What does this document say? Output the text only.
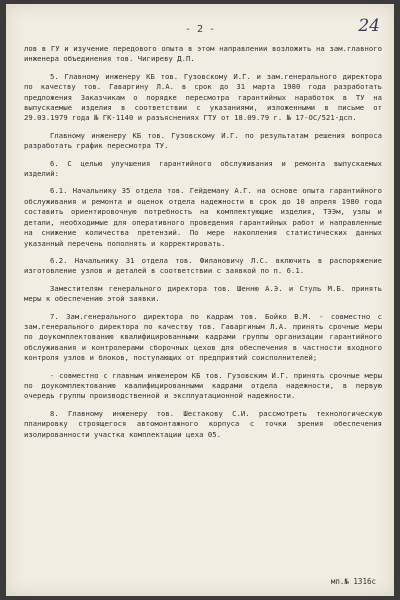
- 2 -	24

лов в ГУ и изучение передового опыта в этом направлении возложить на зам.главного инженера объединения тов. Чигиреву Д.П.

5. Главному инженеру КБ тов. Гузовскому И.Г. и зам.генерального директора по качеству тов. Гаваргину Л.А. в срок до 31 марта 1980 года разработать предложения Заказчикам о порядке пересмотра гарантийных наработок в ТУ на выпускаемые изделия в соответствии с указаниями, изложенными в письме от 29.03.1979 года № ГК-1140 и разъяснениях ГТУ от 18.09.79 г. № 17-ОС/521-дсп.

Главному инженеру КБ тов. Гузовскому И.Г. по результатам решения вопроса разработать график пересмотра ТУ.

6. С целью улучшения гарантийного обслуживания и ремонта выпускаемых изделий:

6.1. Начальнику 35 отдела тов. Гейдеману А.Г. на основе опыта гарантийного обслуживания и ремонта и оценок отдела надежности в срок до 10 апреля 1980 года составить ориентировочную потребность на комплектующие изделия, ТЭЭм, узлы и детали, необходимые для оперативного проведения гарантийных работ и направленные на снижение количества претензий. По мере накопления статистических данных указанный перечень пополнять и корректировать.

6.2. Начальнику 31 отдела тов. Филановичу Л.С. включить в распоряжение изготовление узлов и деталей в соответствии с заявкой по п. 6.1.

Заместителям генерального директора тов. Шенню А.Э. и Стуль М.Б. принять меры к обеспечению этой заявки.

7. Зам.генерального директора по кадрам тов. Бойко В.М. - совместно с зам.генерального директора по качеству тов. Гаваргиным Л.А. принять срочные меры по доукомплектованию квалифицированными кадрами группы организации гарантийного обслуживания и контролерами сборочных цехов для обеспечения в частности входного контроля узлов и блоков, поступающих от предприятий соисполнителей;

- совместно с главным инженером КБ тов. Гузовским И.Г. принять срочные меры по доукомплектованию квалифицированными кадрами отдела надежности, в первую очередь группы производственной и эксплуатационной надежности.

8. Главному инженеру тов. Шестакову С.И. рассмотреть технологическую планировку строящегося автомонтажного корпуса с точки зрения обеспечения изолированности участка комплектации цеха 05.

мп.№ 1316с
